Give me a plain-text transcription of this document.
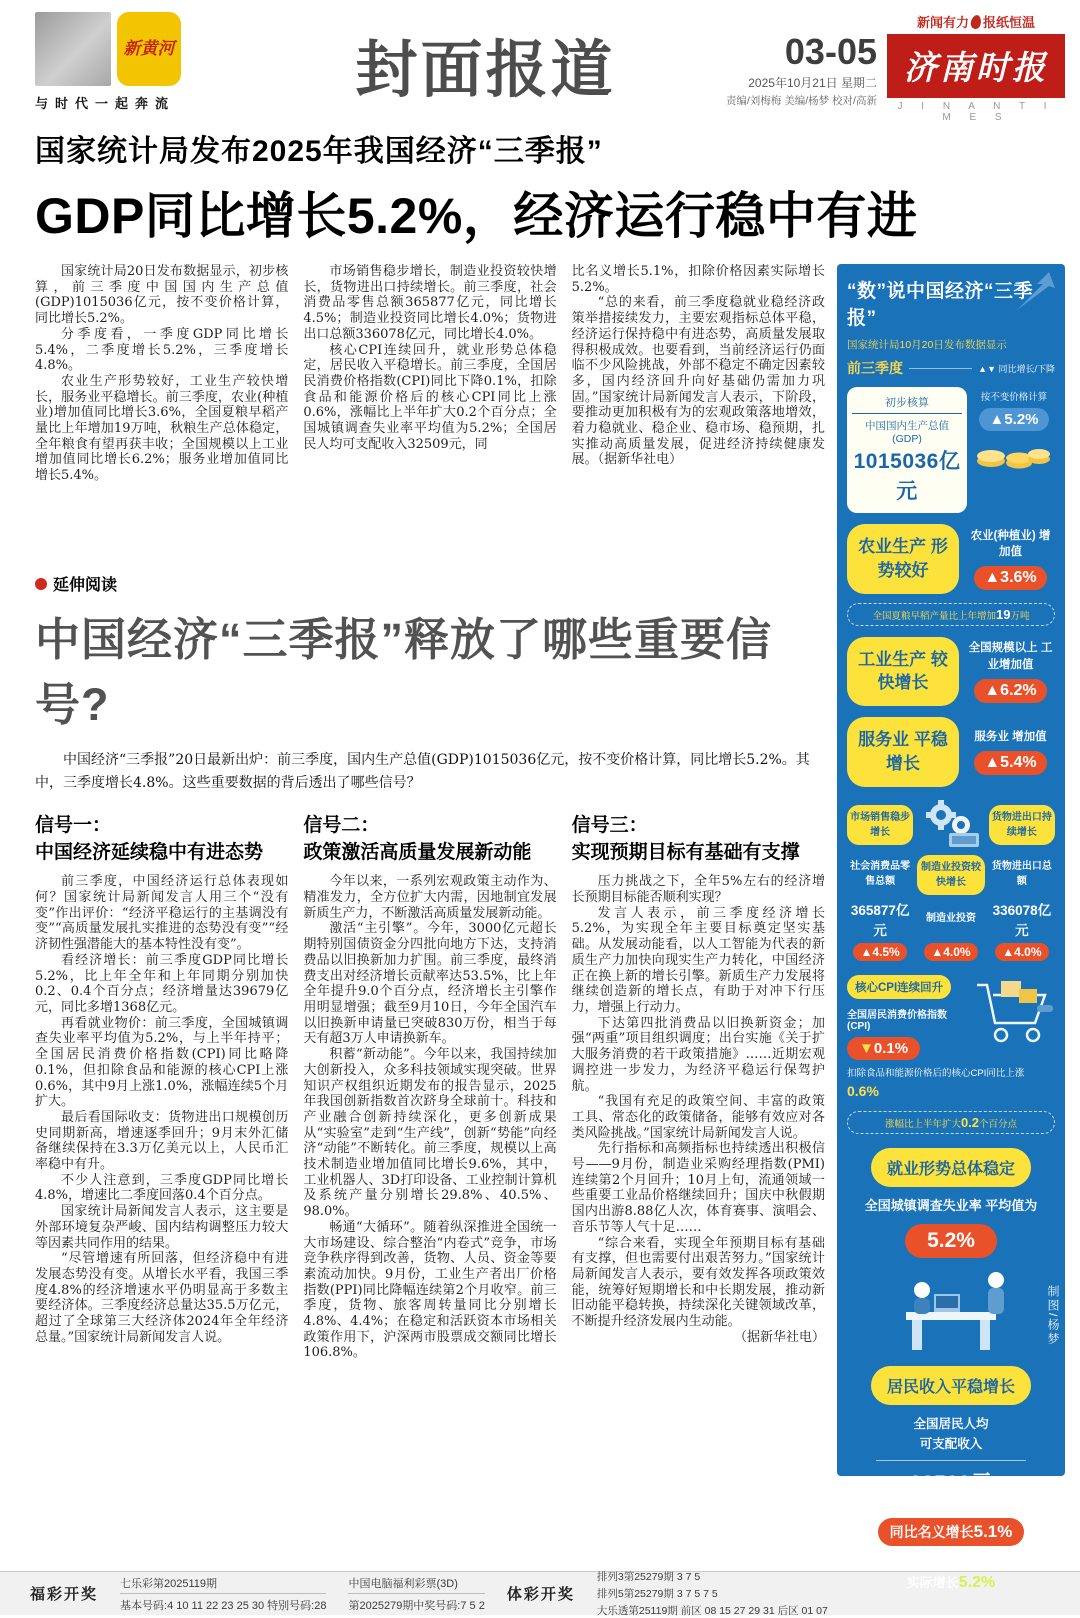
新黄河
与时代一起奔流	封面报道	03-05
2025年10月21日 星期二
责编/刘梅梅 美编/杨梦 校对/高新
新闻有力 报纸恒温
济南时报
J I N A N T I M E S
国家统计局发布2025年我国经济“三季报”
GDP同比增长5.2%，经济运行稳中有进

国家统计局20日发布数据显示，初步核算，前三季度中国国内生产总值(GDP)1015036亿元，按不变价格计算，同比增长5.2%。

分季度看，一季度GDP同比增长5.4%，二季度增长5.2%，三季度增长4.8%。

农业生产形势较好，工业生产较快增长，服务业平稳增长。前三季度，农业(种植业)增加值同比增长3.6%，全国夏粮早稻产量比上年增加19万吨，秋粮生产总体稳定，全年粮食有望再获丰收；全国规模以上工业增加值同比增长6.2%；服务业增加值同比增长5.4%。

市场销售稳步增长，制造业投资较快增长，货物进出口持续增长。前三季度，社会消费品零售总额365877亿元，同比增长4.5%；制造业投资同比增长4.0%；货物进出口总额336078亿元，同比增长4.0%。

核心CPI连续回升，就业形势总体稳定，居民收入平稳增长。前三季度，全国居民消费价格指数(CPI)同比下降0.1%，扣除食品和能源价格后的核心CPI同比上涨0.6%，涨幅比上半年扩大0.2个百分点；全国城镇调查失业率平均值为5.2%；全国居民人均可支配收入32509元，同

比名义增长5.1%，扣除价格因素实际增长5.2%。

“总的来看，前三季度稳就业稳经济政策举措接续发力，主要宏观指标总体平稳，经济运行保持稳中有进态势，高质量发展取得积极成效。也要看到，当前经济运行仍面临不少风险挑战，外部不稳定不确定因素较多，国内经济回升向好基础仍需加力巩固。”国家统计局新闻发言人表示，下阶段，要推动更加积极有为的宏观政策落地增效，着力稳就业、稳企业、稳市场、稳预期，扎实推动高质量发展，促进经济持续健康发展。（据新华社电）

延伸阅读
中国经济“三季报”释放了哪些重要信号?

中国经济“三季报”20日最新出炉：前三季度，国内生产总值(GDP)1015036亿元，按不变价格计算，同比增长5.2%。其中，三季度增长4.8%。这些重要数据的背后透出了哪些信号？

信号一：
中国经济延续稳中有进态势

前三季度，中国经济运行总体表现如何？国家统计局新闻发言人用三个“没有变”作出评价：“经济平稳运行的主基调没有变”“高质量发展扎实推进的态势没有变”“经济韧性强潜能大的基本特性没有变”。

看经济增长：前三季度GDP同比增长5.2%，比上年全年和上年同期分别加快0.2、0.4个百分点；经济增量达39679亿元，同比多增1368亿元。

再看就业物价：前三季度，全国城镇调查失业率平均值为5.2%，与上半年持平；全国居民消费价格指数(CPI)同比略降0.1%，但扣除食品和能源的核心CPI上涨0.6%，其中9月上涨1.0%，涨幅连续5个月扩大。

最后看国际收支：货物进出口规模创历史同期新高，增速逐季回升；9月末外汇储备继续保持在3.3万亿美元以上，人民币汇率稳中有升。

不少人注意到，三季度GDP同比增长4.8%，增速比二季度回落0.4个百分点。

国家统计局新闻发言人表示，这主要是外部环境复杂严峻、国内结构调整压力较大等因素共同作用的结果。

“尽管增速有所回落，但经济稳中有进发展态势没有变。从增长水平看，我国三季度4.8%的经济增速水平仍明显高于多数主要经济体。三季度经济总量达35.5万亿元，超过了全球第三大经济体2024年全年经济总量。”国家统计局新闻发言人说。

信号二：
政策激活高质量发展新动能

今年以来，一系列宏观政策主动作为、精准发力，全方位扩大内需，因地制宜发展新质生产力，不断激活高质量发展新动能。

激活“主引擎”。今年，3000亿元超长期特别国债资金分四批向地方下达，支持消费品以旧换新加力扩围。前三季度，最终消费支出对经济增长贡献率达53.5%，比上年全年提升9.0个百分点，经济增长主引擎作用明显增强；截至9月10日，今年全国汽车以旧换新申请量已突破830万份，相当于每天有超3万人申请换新车。

积蓄“新动能”。今年以来，我国持续加大创新投入，众多科技领域实现突破。世界知识产权组织近期发布的报告显示，2025年我国创新指数首次跻身全球前十。科技和产业融合创新持续深化，更多创新成果从“实验室”走到“生产线”，创新“势能”向经济“动能”不断转化。前三季度，规模以上高技术制造业增加值同比增长9.6%，其中，工业机器人、3D打印设备、工业控制计算机及系统产量分别增长29.8%、40.5%、98.0%。

畅通“大循环”。随着纵深推进全国统一大市场建设、综合整治“内卷式”竞争，市场竞争秩序得到改善，货物、人员、资金等要素流动加快。9月份，工业生产者出厂价格指数(PPI)同比降幅连续第2个月收窄。前三季度，货物、旅客周转量同比分别增长4.8%、4.4%；在稳定和活跃资本市场相关政策作用下，沪深两市股票成交额同比增长106.8%。

信号三：
实现预期目标有基础有支撑

压力挑战之下，全年5%左右的经济增长预期目标能否顺利实现？

发言人表示，前三季度经济增长5.2%，为实现全年主要目标奠定坚实基础。从发展动能看，以人工智能为代表的新质生产力加快向现实生产力转化，中国经济正在换上新的增长引擎。新质生产力发展将继续创造新的增长点，有助于对冲下行压力，增强上行动力。

下达第四批消费品以旧换新资金；加强“两重”项目组织调度；出台实施《关于扩大服务消费的若干政策措施》……近期宏观调控进一步发力，为经济平稳运行保驾护航。

“我国有充足的政策空间、丰富的政策工具、常态化的政策储备，能够有效应对各类风险挑战。”国家统计局新闻发言人说。

先行指标和高频指标也持续透出积极信号——9月份，制造业采购经理指数(PMI)连续第2个月回升；10月上旬，流通领域一些重要工业品价格继续回升；国庆中秋假期国内出游8.88亿人次，体育赛事、演唱会、音乐节等人气十足……

“综合来看，实现全年预期目标有基础有支撑，但也需要付出艰苦努力。”国家统计局新闻发言人表示，要有效发挥各项政策效能，统筹好短期增长和中长期发展，推动新旧动能平稳转换，持续深化关键领域改革，不断提升经济发展内生动能。

（据新华社电）

“数”说中国经济“三季报”
国家统计局10月20日发布数据显示
前三季度	▲▼ 同比增长/下降
初步核算
中国国内生产总值 (GDP)
1015036亿元
按不变价格计算
▲5.2%
农业生产 形势较好
农业(种植业) 增加值
▲3.6%
全国夏粮早稻产量比上年增加19万吨
工业生产 较快增长
全国规模以上 工业增加值
▲6.2%
服务业 平稳增长
服务业 增加值
▲5.4%
市场销售稳步增长
货物进出口持续增长
社会消费品零售总额
制造业投资较快增长
货物进出口总额
365877亿元
制造业投资
336078亿元
▲4.5%	▲4.0%	▲4.0%
核心CPI连续回升
全国居民消费价格指数 (CPI)
▼0.1%
扣除食品和能源价格后的核心CPI同比上涨0.6%
涨幅比上半年扩大0.2个百分点
就业形势总体稳定
全国城镇调查失业率 平均值为
5.2%
居民收入平稳增长
全国居民人均
可支配收入
32509元
同比名义增长5.1%
扣除价格因素
实际增长5.2%
制图/杨梦
福彩开奖
七乐彩第2025119期
基本号码:4 10 11 22 23 25 30 特别号码:28
中国电脑福利彩票(3D)
第2025279期中奖号码:7 5 2
体彩开奖
排列3第25279期 3 7 5
排列5第25279期 3 7 5 7 5
大乐透第25119期 前区 08 15 27 29 31 后区 01 07
